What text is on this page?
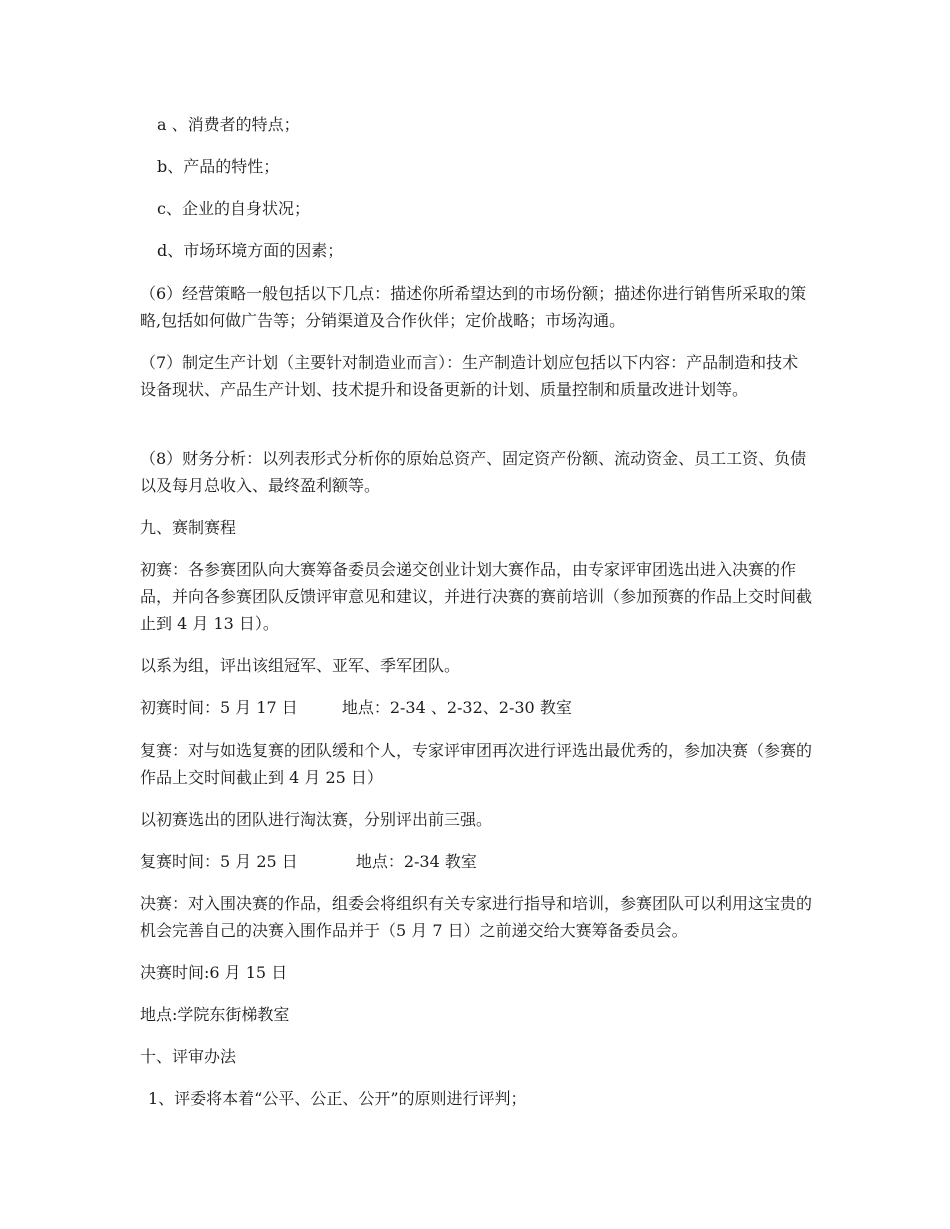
a 、消费者的特点；
b、产品的特性；
c、企业的自身状况；
d、市场环境方面的因素；
（6）经营策略一般包括以下几点：描述你所希望达到的市场份额；描述你进行销售所采取的策略,包括如何做广告等；分销渠道及合作伙伴；定价战略；市场沟通。
（7）制定生产计划（主要针对制造业而言）：生产制造计划应包括以下内容：产品制造和技术设备现状、产品生产计划、技术提升和设备更新的计划、质量控制和质量改进计划等。
（8）财务分析：以列表形式分析你的原始总资产、固定资产份额、流动资金、员工工资、负债以及每月总收入、最终盈利额等。
九、赛制赛程
初赛：各参赛团队向大赛筹备委员会递交创业计划大赛作品，由专家评审团选出进入决赛的作品，并向各参赛团队反馈评审意见和建议，并进行决赛的赛前培训（参加预赛的作品上交时间截止到 4 月 13 日）。
以系为组，评出该组冠军、亚军、季军团队。
初赛时间：5 月 17 日	地点：2-34 、2-32、2-30 教室
复赛：对与如选复赛的团队缓和个人，专家评审团再次进行评选出最优秀的，参加决赛（参赛的作品上交时间截止到 4 月 25 日）
以初赛选出的团队进行淘汰赛，分别评出前三强。
复赛时间：5 月 25 日	地点：2-34 教室
决赛：对入围决赛的作品，组委会将组织有关专家进行指导和培训，参赛团队可以利用这宝贵的机会完善自己的决赛入围作品并于（5 月 7 日）之前递交给大赛筹备委员会。
决赛时间:6 月 15 日
地点:学院东街梯教室
十、评审办法
1、评委将本着“公平、公正、公开”的原则进行评判；
